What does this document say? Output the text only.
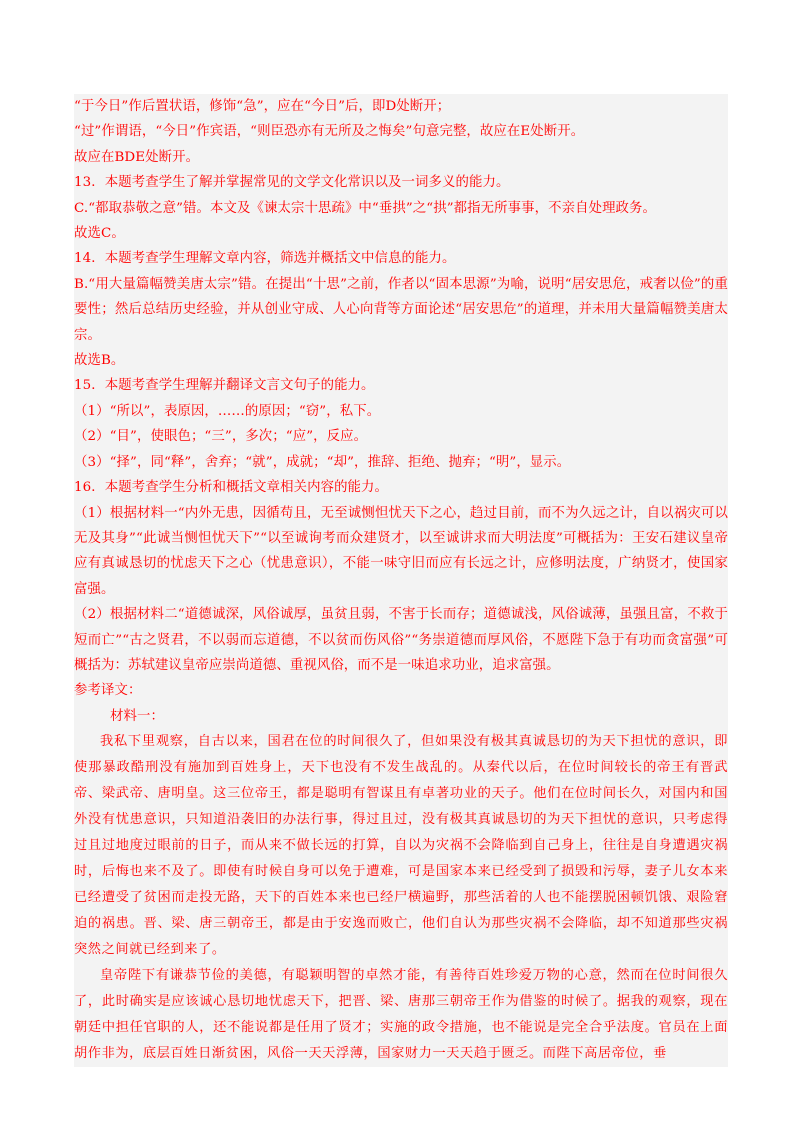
“于今日”作后置状语，修饰“急”，应在“今日”后，即D处断开；

“过”作谓语，“今日”作宾语，“则臣恐亦有无所及之悔矣”句意完整，故应在E处断开。

故应在BDE处断开。

13．本题考查学生了解并掌握常见的文学文化常识以及一词多义的能力。

C.“都取恭敬之意”错。本文及《谏太宗十思疏》中“垂拱”之“拱”都指无所事事，不亲自处理政务。

故选C。

14．本题考查学生理解文章内容，筛选并概括文中信息的能力。

B.“用大量篇幅赞美唐太宗”错。在提出“十思”之前，作者以“固本思源”为喻，说明“居安思危，戒奢以俭”的重要性；然后总结历史经验，并从创业守成、人心向背等方面论述“居安思危”的道理，并未用大量篇幅赞美唐太宗。

故选B。

15．本题考查学生理解并翻译文言文句子的能力。

（1）“所以”，表原因，……的原因；“窃”，私下。

（2）“目”，使眼色；“三”，多次；“应”，反应。

（3）“择”，同“释”，舍弃；“就”，成就；“却”，推辞、拒绝、抛弃；“明”，显示。

16．本题考查学生分析和概括文章相关内容的能力。

（1）根据材料一“内外无患，因循苟且，无至诚恻怛忧天下之心，趋过目前，而不为久远之计，自以祸灾可以无及其身”“此诚当恻怛忧天下”“以至诚询考而众建贤才，以至诚讲求而大明法度”可概括为：王安石建议皇帝应有真诚恳切的忧虑天下之心（忧患意识），不能一味守旧而应有长远之计，应修明法度，广纳贤才，使国家富强。

（2）根据材料二“道德诚深，风俗诚厚，虽贫且弱，不害于长而存；道德诚浅，风俗诚薄，虽强且富，不救于短而亡”“古之贤君，不以弱而忘道德，不以贫而伤风俗”“务崇道德而厚风俗，不愿陛下急于有功而贪富强”可概括为：苏轼建议皇帝应崇尚道德、重视风俗，而不是一味追求功业，追求富强。

参考译文：

材料一：

我私下里观察，自古以来，国君在位的时间很久了，但如果没有极其真诚恳切的为天下担忧的意识，即使那暴政酷刑没有施加到百姓身上，天下也没有不发生战乱的。从秦代以后，在位时间较长的帝王有晋武帝、梁武帝、唐明皇。这三位帝王，都是聪明有智谋且有卓著功业的天子。他们在位时间长久，对国内和国外没有忧患意识，只知道沿袭旧的办法行事，得过且过，没有极其真诚恳切的为天下担忧的意识，只考虑得过且过地度过眼前的日子，而从来不做长远的打算，自以为灾祸不会降临到自己身上，往往是自身遭遇灾祸时，后悔也来不及了。即使有时候自身可以免于遭难，可是国家本来已经受到了损毁和污辱，妻子儿女本来已经遭受了贫困而走投无路，天下的百姓本来也已经尸横遍野，那些活着的人也不能摆脱困顿饥饿、艰险窘迫的祸患。晋、梁、唐三朝帝王，都是由于安逸而败亡，他们自认为那些灾祸不会降临，却不知道那些灾祸突然之间就已经到来了。

皇帝陛下有谦恭节俭的美德，有聪颖明智的卓然才能，有善待百姓珍爱万物的心意，然而在位时间很久了，此时确实是应该诚心恳切地忧虑天下，把晋、梁、唐那三朝帝王作为借鉴的时候了。据我的观察，现在朝廷中担任官职的人，还不能说都是任用了贤才；实施的政令措施，也不能说是完全合乎法度。官员在上面胡作非为，底层百姓日渐贫困，风俗一天天浮薄，国家财力一天天趋于匮乏。而陛下高居帝位，垂
